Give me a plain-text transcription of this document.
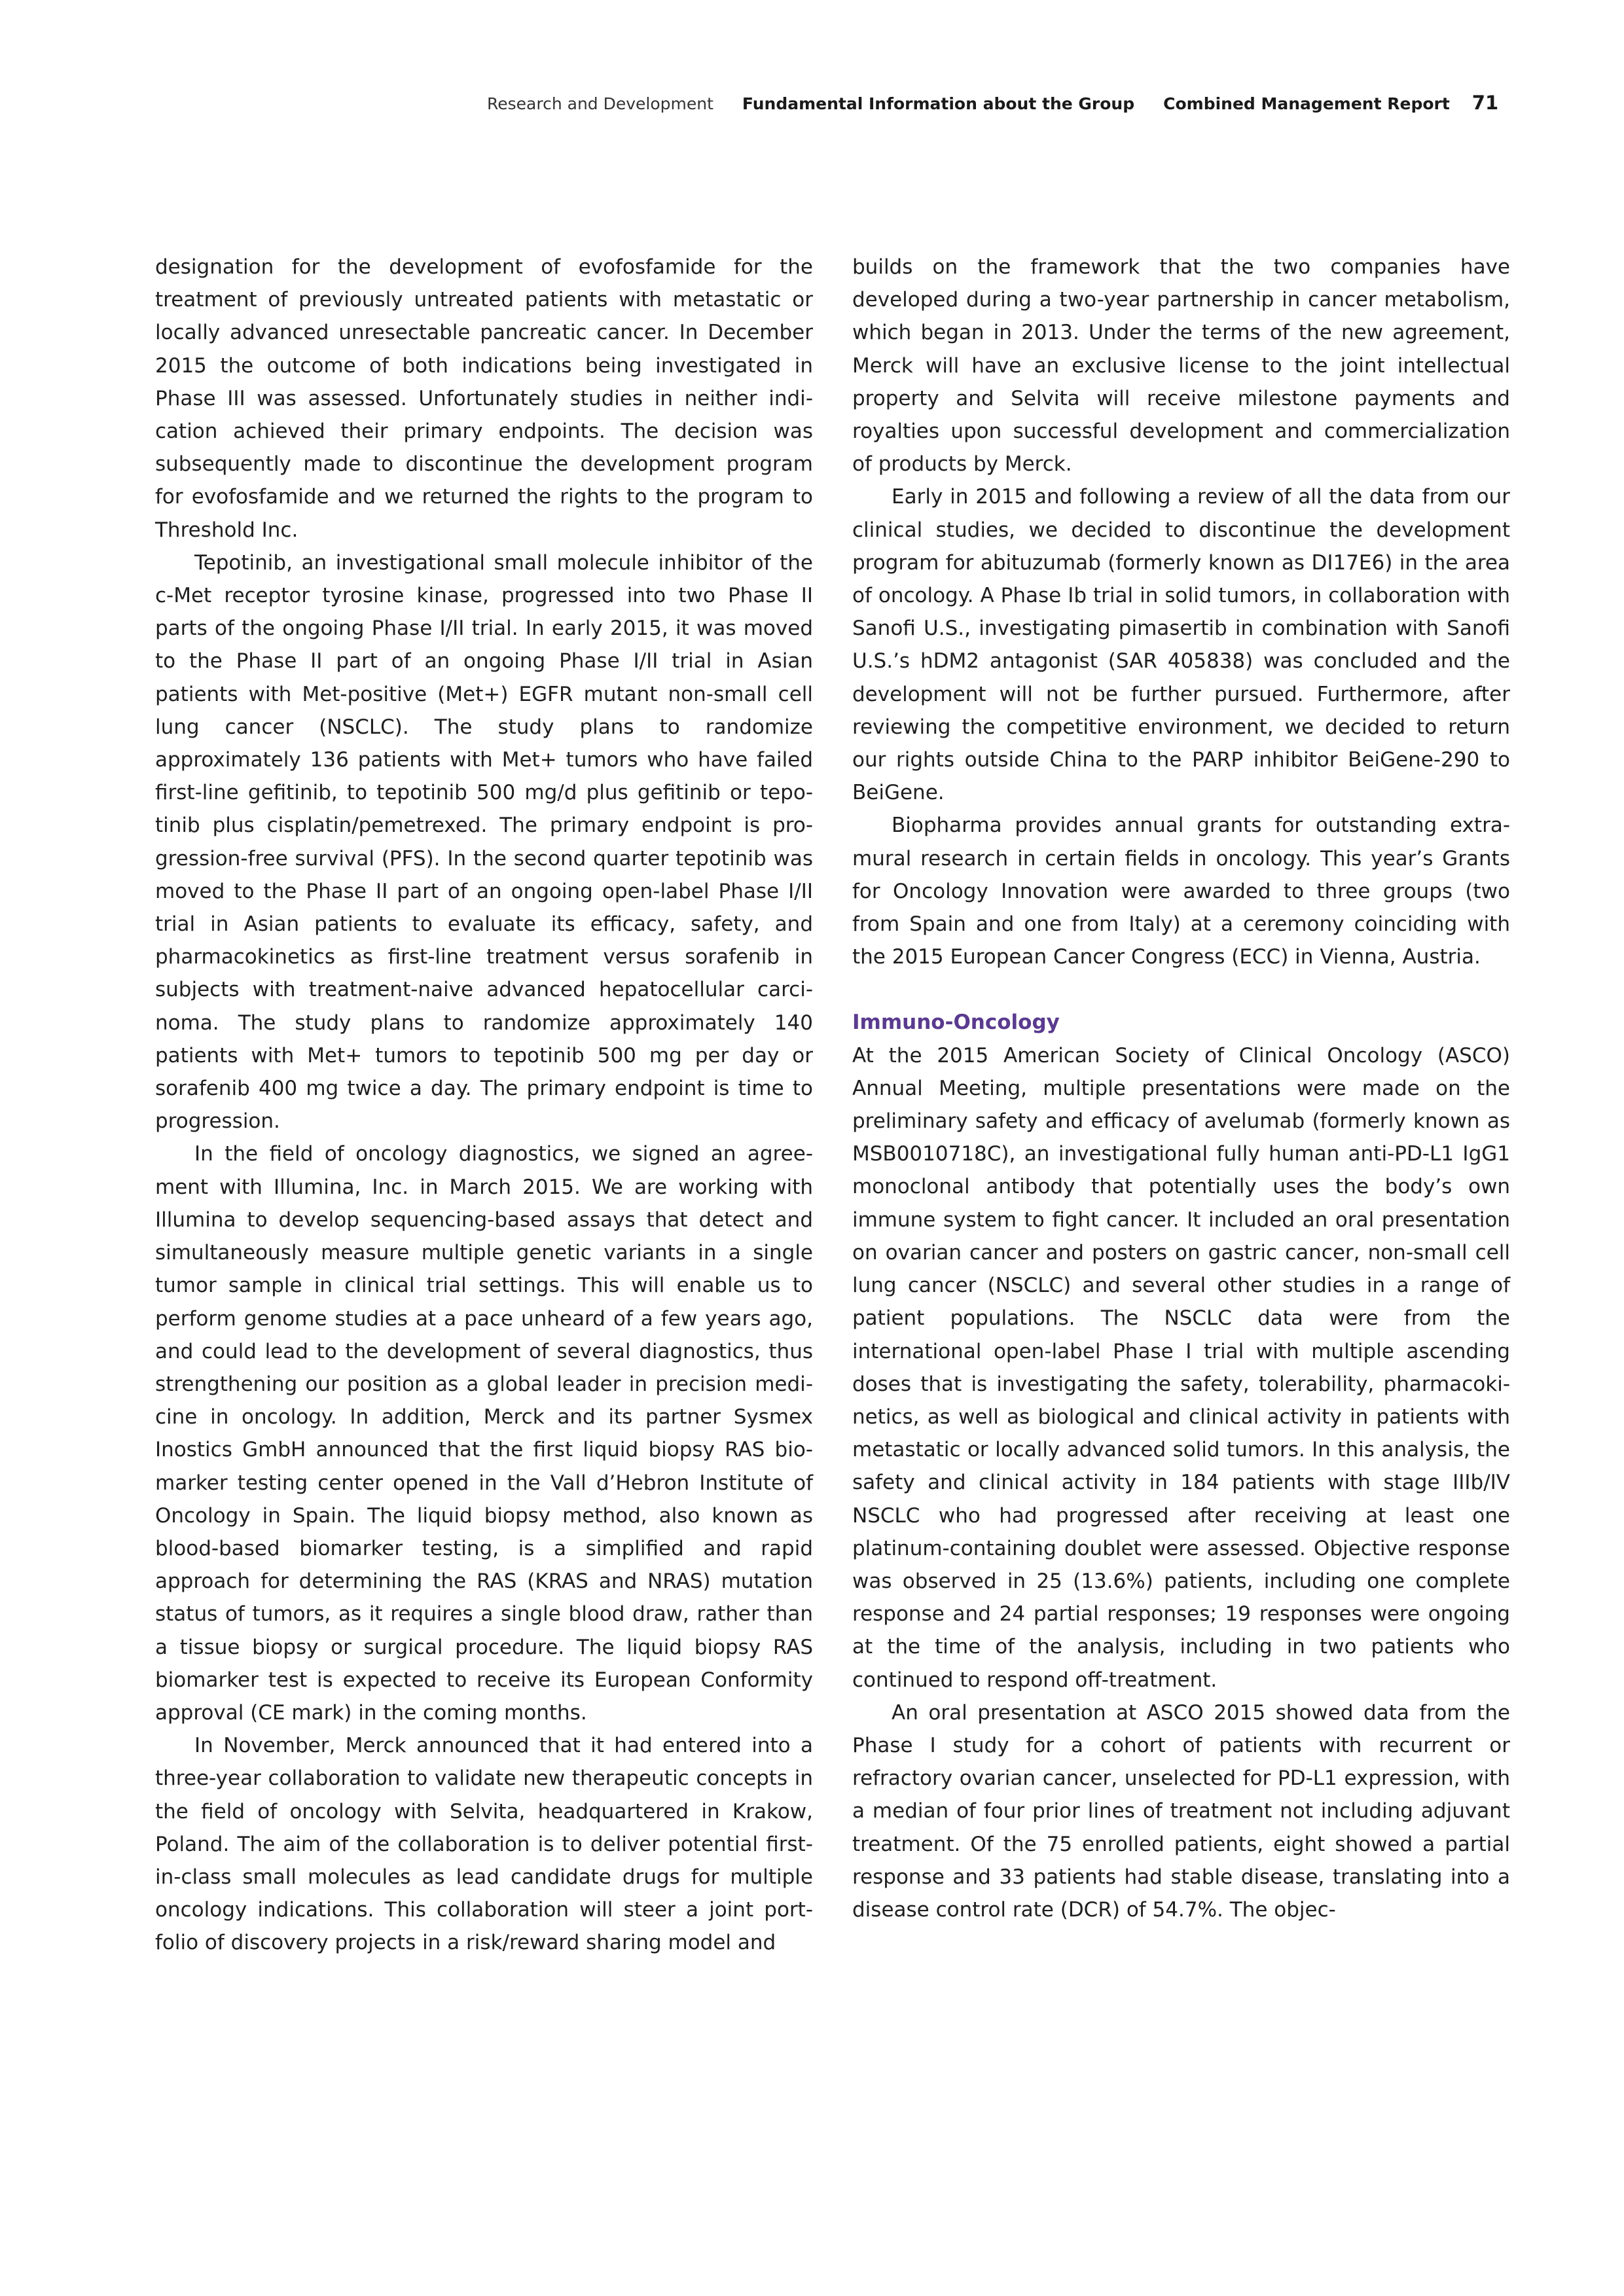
Research and Development Fundamental Information about the Group Combined Management Report 71

designation for the development of evofosfamide for the treatment of previously untreated patients with metastatic or locally advanced unresectable pancreatic cancer. In December 2015 the outcome of both indications being investigated in Phase III was assessed. Unfortunately studies in neither indication achieved their primary endpoints. The decision was subsequently made to discontinue the development program for evofosfamide and we returned the rights to the program to Threshold Inc.

Tepotinib, an investigational small molecule inhibitor of the c-Met receptor tyrosine kinase, progressed into two Phase II parts of the ongoing Phase I/II trial. In early 2015, it was moved to the Phase II part of an ongoing Phase I/II trial in Asian patients with Met-positive (Met+) EGFR mutant non-small cell lung cancer (NSCLC). The study plans to randomize approximately 136 patients with Met+ tumors who have failed first-line gefitinib, to tepotinib 500 mg/d plus gefitinib or tepotinib plus cisplatin/pemetrexed. The primary endpoint is progression-free survival (PFS). In the second quarter tepotinib was moved to the Phase II part of an ongoing open-label Phase I/II trial in Asian patients to evaluate its efficacy, safety, and pharmacokinetics as first-line treatment versus sorafenib in subjects with treatment-naive advanced hepatocellular carcinoma. The study plans to randomize approximately 140 patients with Met+ tumors to tepotinib 500 mg per day or sorafenib 400 mg twice a day. The primary endpoint is time to progression.

In the field of oncology diagnostics, we signed an agreement with Illumina, Inc. in March 2015. We are working with Illumina to develop sequencing-based assays that detect and simultaneously measure multiple genetic variants in a single tumor sample in clinical trial settings. This will enable us to perform genome studies at a pace unheard of a few years ago, and could lead to the development of several diagnostics, thus strengthening our position as a global leader in precision medicine in oncology. In addition, Merck and its partner Sysmex Inostics GmbH announced that the first liquid biopsy RAS biomarker testing center opened in the Vall d’Hebron Institute of Oncology in Spain. The liquid biopsy method, also known as blood-based biomarker testing, is a simplified and rapid approach for determining the RAS (KRAS and NRAS) mutation status of tumors, as it requires a single blood draw, rather than a tissue biopsy or surgical procedure. The liquid biopsy RAS biomarker test is expected to receive its European Conformity approval (CE mark) in the coming months.

In November, Merck announced that it had entered into a three-year collaboration to validate new therapeutic concepts in the field of oncology with Selvita, headquartered in Krakow, Poland. The aim of the collaboration is to deliver potential first-in-class small molecules as lead candidate drugs for multiple oncology indications. This collaboration will steer a joint portfolio of discovery projects in a risk/reward sharing model and

builds on the framework that the two companies have developed during a two-year partnership in cancer metabolism, which began in 2013. Under the terms of the new agreement, Merck will have an exclusive license to the joint intellectual property and Selvita will receive milestone payments and royalties upon successful development and commercialization of products by Merck.

Early in 2015 and following a review of all the data from our clinical studies, we decided to discontinue the development program for abituzumab (formerly known as DI17E6) in the area of oncology. A Phase Ib trial in solid tumors, in collaboration with Sanofi U.S., investigating pimasertib in combination with Sanofi U.S.’s hDM2 antagonist (SAR 405838) was concluded and the development will not be further pursued. Furthermore, after reviewing the competitive environment, we decided to return our rights outside China to the PARP inhibitor BeiGene-290 to BeiGene.

Biopharma provides annual grants for outstanding extramural research in certain fields in oncology. This year’s Grants for Oncology Innovation were awarded to three groups (two from Spain and one from Italy) at a ceremony coinciding with the 2015 European Cancer Congress (ECC) in Vienna, Austria.

Immuno-Oncology

At the 2015 American Society of Clinical Oncology (ASCO) Annual Meeting, multiple presentations were made on the preliminary safety and efficacy of avelumab (formerly known as MSB0010718C), an investigational fully human anti-PD-L1 IgG1 monoclonal antibody that potentially uses the body’s own immune system to fight cancer. It included an oral presentation on ovarian cancer and posters on gastric cancer, non-small cell lung cancer (NSCLC) and several other studies in a range of patient populations. The NSCLC data were from the international open-label Phase I trial with multiple ascending doses that is investigating the safety, tolerability, pharmacokinetics, as well as biological and clinical activity in patients with metastatic or locally advanced solid tumors. In this analysis, the safety and clinical activity in 184 patients with stage IIIb/IV NSCLC who had progressed after receiving at least one platinum-containing doublet were assessed. Objective response was observed in 25 (13.6%) patients, including one complete response and 24 partial responses; 19 responses were ongoing at the time of the analysis, including in two patients who continued to respond off-treatment.

An oral presentation at ASCO 2015 showed data from the Phase I study for a cohort of patients with recurrent or refractory ovarian cancer, unselected for PD-L1 expression, with a median of four prior lines of treatment not including adjuvant treatment. Of the 75 enrolled patients, eight showed a partial response and 33 patients had stable disease, translating into a disease control rate (DCR) of 54.7%. The objec-
